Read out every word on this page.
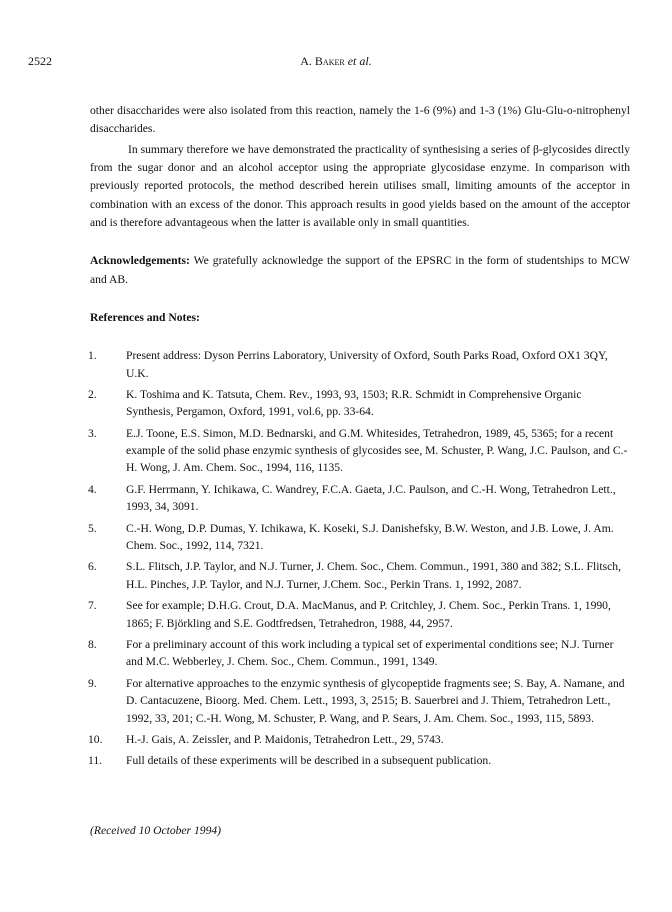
2522	A. Baker et al.

other disaccharides were also isolated from this reaction, namely the 1-6 (9%) and 1-3 (1%) Glu-Glu-o-nitrophenyl disaccharides.

In summary therefore we have demonstrated the practicality of synthesising a series of β-glycosides directly from the sugar donor and an alcohol acceptor using the appropriate glycosidase enzyme. In comparison with previously reported protocols, the method described herein utilises small, limiting amounts of the acceptor in combination with an excess of the donor. This approach results in good yields based on the amount of the acceptor and is therefore advantageous when the latter is available only in small quantities.

Acknowledgements: We gratefully acknowledge the support of the EPSRC in the form of studentships to MCW and AB.

References and Notes:
1.	Present address: Dyson Perrins Laboratory, University of Oxford, South Parks Road, Oxford OX1 3QY, U.K.
2.	K. Toshima and K. Tatsuta, Chem. Rev., 1993, 93, 1503; R.R. Schmidt in Comprehensive Organic Synthesis, Pergamon, Oxford, 1991, vol.6, pp. 33-64.
3.	E.J. Toone, E.S. Simon, M.D. Bednarski, and G.M. Whitesides, Tetrahedron, 1989, 45, 5365; for a recent example of the solid phase enzymic synthesis of glycosides see, M. Schuster, P. Wang, J.C. Paulson, and C.-H. Wong, J. Am. Chem. Soc., 1994, 116, 1135.
4.	G.F. Herrmann, Y. Ichikawa, C. Wandrey, F.C.A. Gaeta, J.C. Paulson, and C.-H. Wong, Tetrahedron Lett., 1993, 34, 3091.
5.	C.-H. Wong, D.P. Dumas, Y. Ichikawa, K. Koseki, S.J. Danishefsky, B.W. Weston, and J.B. Lowe, J. Am. Chem. Soc., 1992, 114, 7321.
6.	S.L. Flitsch, J.P. Taylor, and N.J. Turner, J. Chem. Soc., Chem. Commun., 1991, 380 and 382; S.L. Flitsch, H.L. Pinches, J.P. Taylor, and N.J. Turner, J.Chem. Soc., Perkin Trans. 1, 1992, 2087.
7.	See for example; D.H.G. Crout, D.A. MacManus, and P. Critchley, J. Chem. Soc., Perkin Trans. 1, 1990, 1865; F. Björkling and S.E. Godtfredsen, Tetrahedron, 1988, 44, 2957.
8.	For a preliminary account of this work including a typical set of experimental conditions see; N.J. Turner and M.C. Webberley, J. Chem. Soc., Chem. Commun., 1991, 1349.
9.	For alternative approaches to the enzymic synthesis of glycopeptide fragments see; S. Bay, A. Namane, and D. Cantacuzene, Bioorg. Med. Chem. Lett., 1993, 3, 2515; B. Sauerbrei and J. Thiem, Tetrahedron Lett., 1992, 33, 201; C.-H. Wong, M. Schuster, P. Wang, and P. Sears, J. Am. Chem. Soc., 1993, 115, 5893.
10.	H.-J. Gais, A. Zeissler, and P. Maidonis, Tetrahedron Lett., 29, 5743.
11.	Full details of these experiments will be described in a subsequent publication.
(Received 10 October 1994)
